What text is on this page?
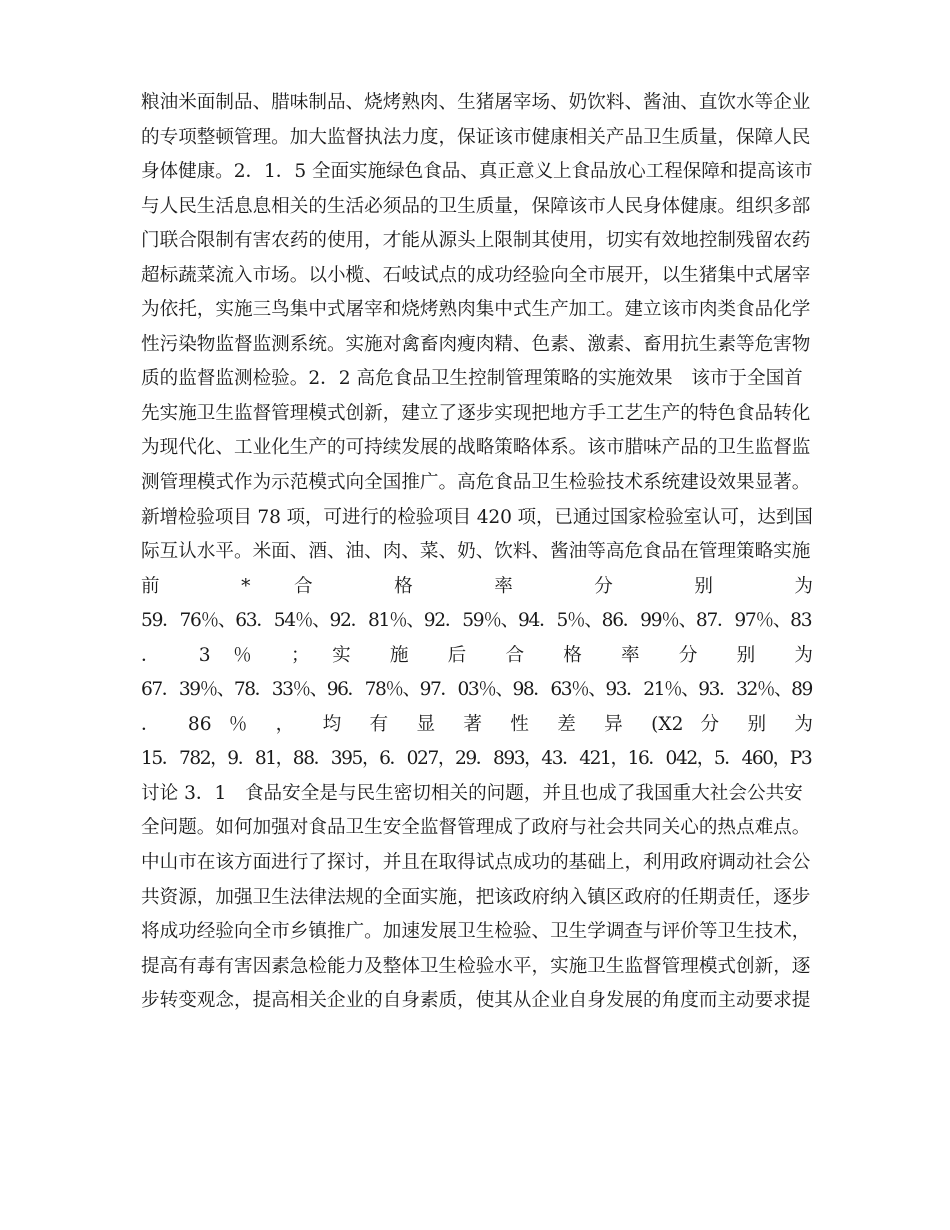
粮油米面制品、腊味制品、烧烤熟肉、生猪屠宰场、奶饮料、酱油、直饮水等企业
的专项整顿管理。加大监督执法力度，保证该市健康相关产品卫生质量，保障人民
身体健康。2．1．5 全面实施绿色食品、真正意义上食品放心工程保障和提高该市
与人民生活息息相关的生活必须品的卫生质量，保障该市人民身体健康。组织多部
门联合限制有害农药的使用，才能从源头上限制其使用，切实有效地控制残留农药
超标蔬菜流入市场。以小榄、石岐试点的成功经验向全市展开，以生猪集中式屠宰
为依托，实施三鸟集中式屠宰和烧烤熟肉集中式生产加工。建立该市肉类食品化学
性污染物监督监测系统。实施对禽畜肉瘦肉精、色素、激素、畜用抗生素等危害物
质的监督监测检验。2．2 高危食品卫生控制管理策略的实施效果　该市于全国首
先实施卫生监督管理模式创新，建立了逐步实现把地方手工艺生产的特色食品转化
为现代化、工业化生产的可持续发展的战略策略体系。该市腊味产品的卫生监督监
测管理模式作为示范模式向全国推广。高危食品卫生检验技术系统建设效果显著。
新增检验项目 78 项，可进行的检验项目 420 项，已通过国家检验室认可，达到国
际互认水平。米面、酒、油、肉、菜、奶、饮料、酱油等高危食品在管理策略实施
前 * 合 格 率 分 别 为
59．76％、63．54％、92．81％、92．59％、94．5％、86．99％、87．97％、83
． 3 ％ ； 实 施 后 合 格 率 分 别 为
67．39％、78．33％、96．78％、97．03％、98．63％、93．21％、93．32％、89
． 86 ％ ， 均 有 显 著 性 差 异 (X2 分 别 为
15．782，9．81，88．395，6．027，29．893，43．421，16．042，5．460，P3
讨论 3．1　食品安全是与民生密切相关的问题，并且也成了我国重大社会公共安
全问题。如何加强对食品卫生安全监督管理成了政府与社会共同关心的热点难点。
中山市在该方面进行了探讨，并且在取得试点成功的基础上，利用政府调动社会公
共资源，加强卫生法律法规的全面实施，把该政府纳入镇区政府的任期责任，逐步
将成功经验向全市乡镇推广。加速发展卫生检验、卫生学调查与评价等卫生技术，
提高有毒有害因素急检能力及整体卫生检验水平，实施卫生监督管理模式创新，逐
步转变观念，提高相关企业的自身素质，使其从企业自身发展的角度而主动要求提
